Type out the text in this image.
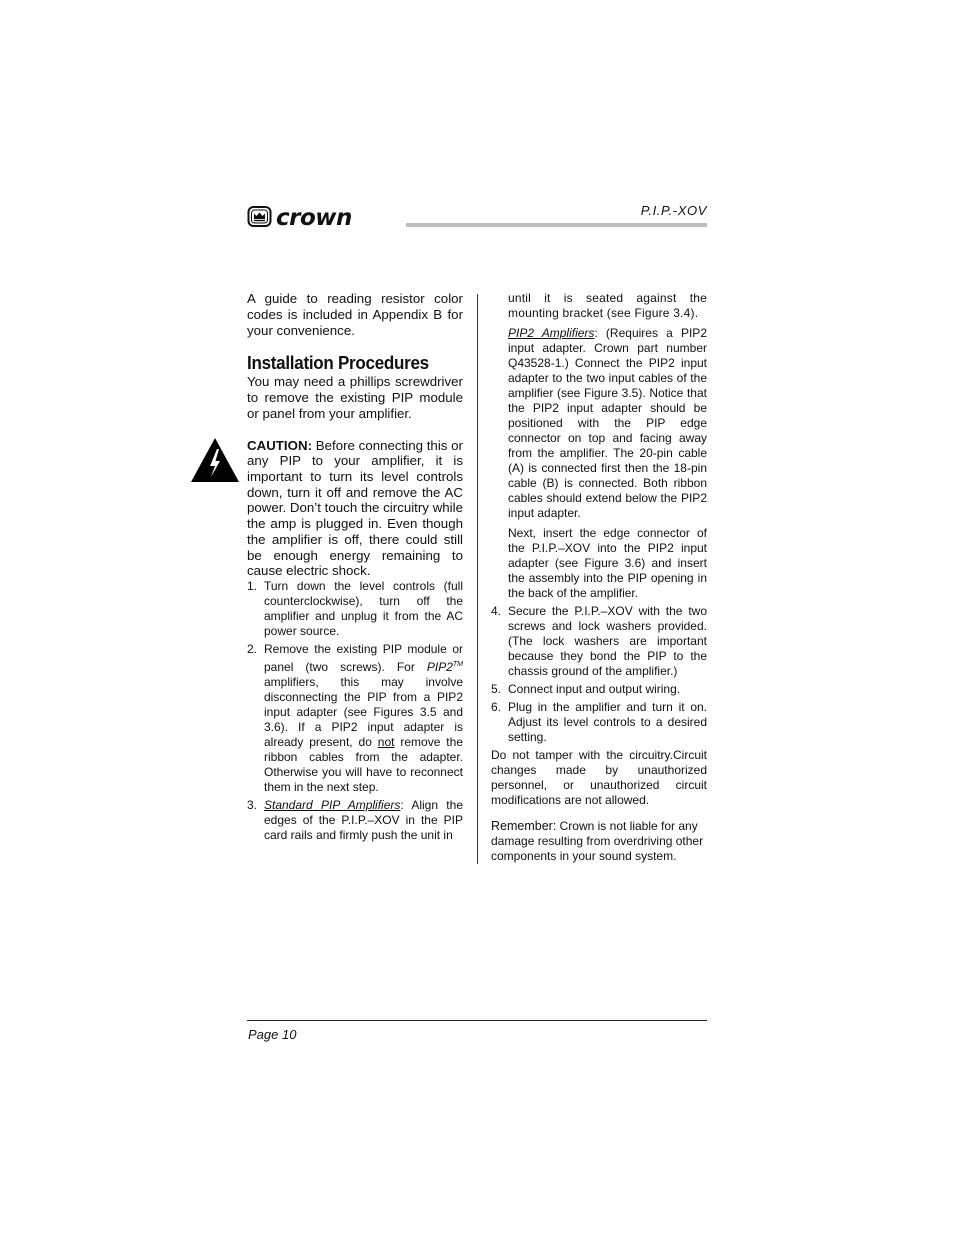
crown	P.I.P.-XOV

A guide to reading resistor color codes is included in Appendix B for your convenience.

Installation Procedures

You may need a phillips screwdriver to remove the existing PIP module or panel from your amplifier.

CAUTION: Before connecting this or any PIP to your amplifier, it is important to turn its level controls down, turn it off and remove the AC power. Don’t touch the circuitry while the amp is plugged in. Even though the amplifier is off, there could still be enough energy remaining to cause electric shock.

1. Turn down the level controls (full counterclockwise), turn off the amplifier and unplug it from the AC power source.
2. Remove the existing PIP module or panel (two screws). For PIP2™ amplifiers, this may involve disconnecting the PIP from a PIP2 input adapter (see Figures 3.5 and 3.6). If a PIP2 input adapter is already present, do not remove the ribbon cables from the adapter. Otherwise you will have to reconnect them in the next step.
3. Standard PIP Amplifiers: Align the edges of the P.I.P.–XOV in the PIP card rails and firmly push the unit in

until it is seated against the mounting bracket (see Figure 3.4).

PIP2 Amplifiers: (Requires a PIP2 input adapter. Crown part number Q43528-1.) Connect the PIP2 input adapter to the two input cables of the amplifier (see Figure 3.5). Notice that the PIP2 input adapter should be positioned with the PIP edge connector on top and facing away from the amplifier. The 20-pin cable (A) is connected first then the 18-pin cable (B) is connected. Both ribbon cables should extend below the PIP2 input adapter.

Next, insert the edge connector of the P.I.P.–XOV into the PIP2 input adapter (see Figure 3.6) and insert the assembly into the PIP opening in the back of the amplifier.

4. Secure the P.I.P.–XOV with the two screws and lock washers provided. (The lock washers are important because they bond the PIP to the chassis ground of the amplifier.)
5. Connect input and output wiring.
6. Plug in the amplifier and turn it on. Adjust its level controls to a desired setting.

Do not tamper with the circuitry.Circuit changes made by unauthorized personnel, or unauthorized circuit modifications are not allowed.

Remember: Crown is not liable for any damage resulting from overdriving other components in your sound system.

Page 10
